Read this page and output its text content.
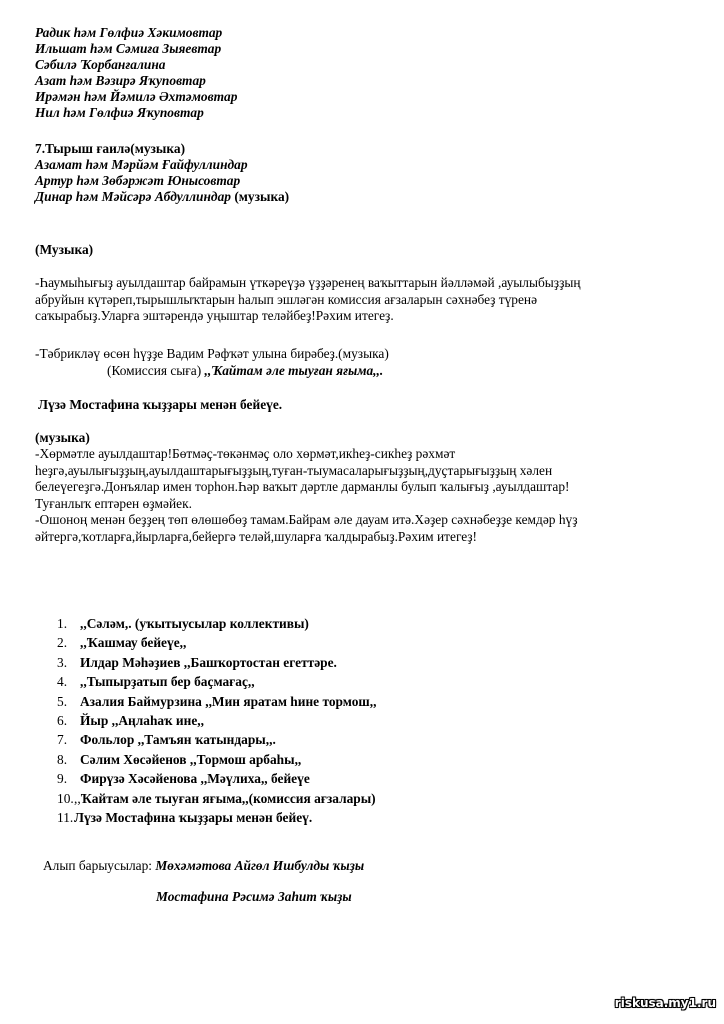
Радик һәм Гөлфиә Хәкимовтар
Ильшат һәм Сәмиға Зыяевтар
Сәбилә Ҡорбанғалина
Азат һәм Вәзирә Яҡуповтар
Ирәмән һәм Йәмилә Әхтәмовтар
Нил һәм Гөлфиә Яҡуповтар
7.Тырыш ғаилә(музыка)
Азамат һәм Мәрйәм Ғайфуллиндар
Артур һәм Зөбәржәт Юнысовтар
Динар һәм Мәйсәрә Абдуллиндар (музыка)
(Музыка)
-Һаумыһығыҙ ауылдаштар байрамын үткәреүҙә үҙҙәренең ваҡыттарын йәлләмәй ,ауылыбыҙҙың
абруйын күтәреп,тырышлыҡтарын һалып эшләгән комиссия ағзаларын сәхнәбеҙ түренә
саҡырабыҙ.Уларға эштәрендә уңыштар теләйбеҙ!Рәхим итегеҙ.
-Тәбрикләү өсөн һүҙҙе Вадим Рәфҡәт улына бирәбеҙ.(музыка)
(Комиссия сыға) ,,Ҡайтам әле тыуған яғыма,,.
Лүзә Мостафина ҡыҙҙары менән бейеүе.
(музыка)
-Хөрмәтле ауылдаштар!Бөтмәҫ-төкәнмәҫ оло хөрмәт,икһеҙ-сикһеҙ рәхмәт
һеҙгә,ауылығыҙҙың,ауылдаштарығыҙҙың,туған-тыумасаларығыҙҙың,дуҫтарығыҙҙың хәлен
белеүегеҙгә.Донъялар имен торһон.Һәр ваҡыт дәртле дарманлы булып ҡалығыҙ ,ауылдаштар!
Туғанлыҡ ептәрен өҙмәйек.
-Ошоноң менән беҙҙең төп өлөшөбөҙ тамам.Байрам әле дауам итә.Хәҙер сәхнәбеҙҙе кемдәр һүҙ
әйтергә,ҡотларға,йырларға,бейергә теләй,шуларға ҡалдырабыҙ.Рәхим итегеҙ!
1. ,,Сәләм,. (уҡытыусылар коллективы)
2. ,,Ҡашмау бейеүе,,
3. Илдар Мәһәҙиев ,,Башҡортостан егеттәре.
4. ,,Тыпырҙатып бер баҫмағаҫ,,
5. Азалия Баймурзина ,,Мин яратам һине тормош,,
6. Йыр ,,Аңлаһаҡ ине,,
7. Фольлор ,,Тамъян ҡатындары,,.
8. Сәлим Хөсәйенов ,,Тормош арбаһы,,
9. Фирүзә Хәсәйенова ,,Мәүлиха,, бейеүе
10. ,,Ҡайтам әле тыуған яғыма,,(комиссия ағзалары)
11. Лүзә Мостафина ҡыҙҙары менән бейеү.
Алып барыусылар: Мөхәмәтова Айгөл Ишбулды ҡыҙы
Мостафина Рәсимә Заһит ҡыҙы
riskusa.my1.ru
